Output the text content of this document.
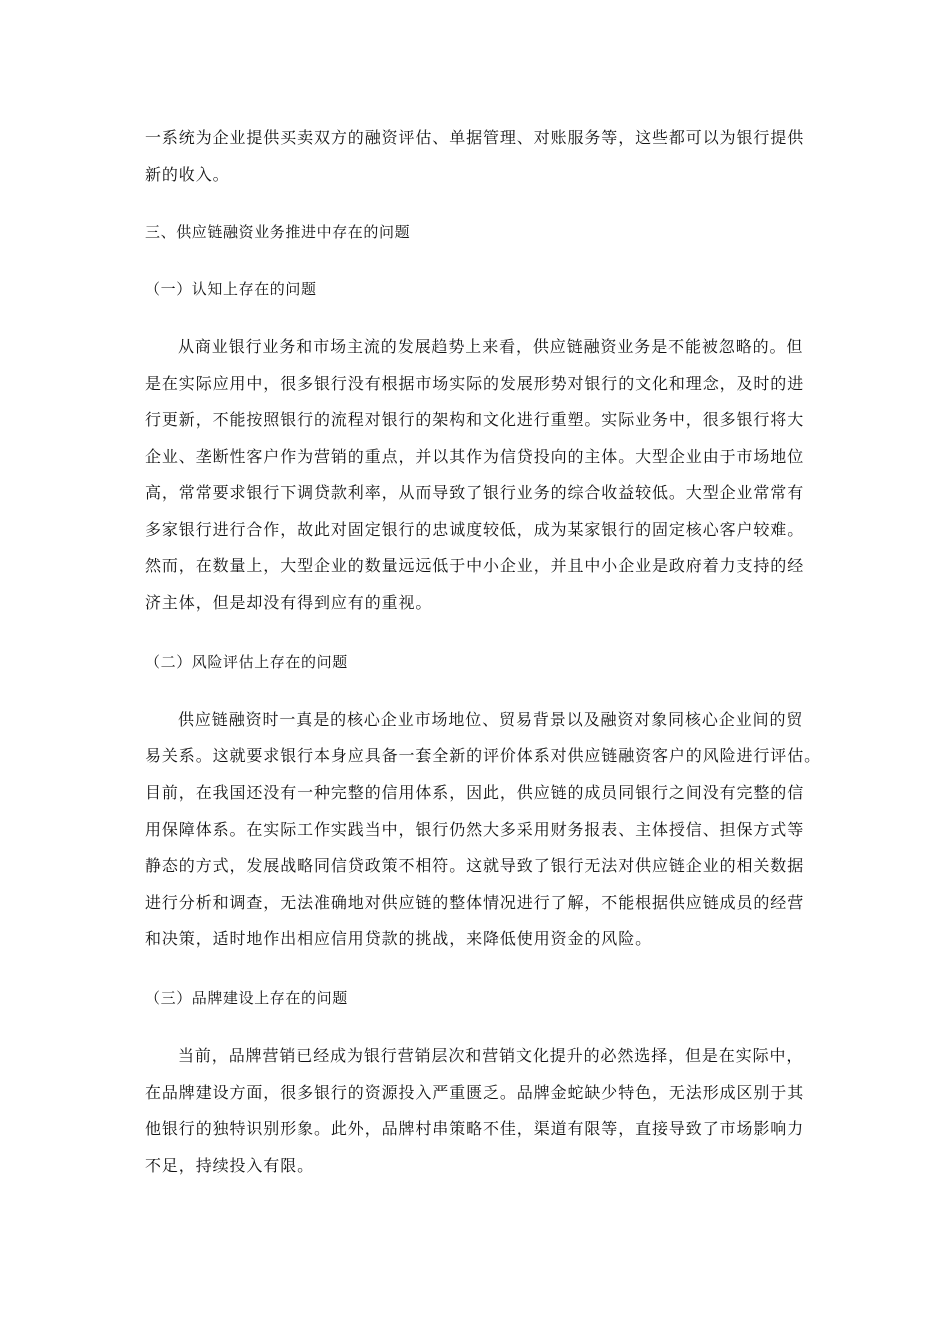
一系统为企业提供买卖双方的融资评估、单据管理、对账服务等，这些都可以为银行提供
新的收入。
三、供应链融资业务推进中存在的问题
（一）认知上存在的问题
从商业银行业务和市场主流的发展趋势上来看，供应链融资业务是不能被忽略的。但
是在实际应用中，很多银行没有根据市场实际的发展形势对银行的文化和理念，及时的进
行更新，不能按照银行的流程对银行的架构和文化进行重塑。实际业务中，很多银行将大
企业、垄断性客户作为营销的重点，并以其作为信贷投向的主体。大型企业由于市场地位
高，常常要求银行下调贷款利率，从而导致了银行业务的综合收益较低。大型企业常常有
多家银行进行合作，故此对固定银行的忠诚度较低，成为某家银行的固定核心客户较难。
然而，在数量上，大型企业的数量远远低于中小企业，并且中小企业是政府着力支持的经
济主体，但是却没有得到应有的重视。
（二）风险评估上存在的问题
供应链融资时一真是的核心企业市场地位、贸易背景以及融资对象同核心企业间的贸
易关系。这就要求银行本身应具备一套全新的评价体系对供应链融资客户的风险进行评估。
目前，在我国还没有一种完整的信用体系，因此，供应链的成员同银行之间没有完整的信
用保障体系。在实际工作实践当中，银行仍然大多采用财务报表、主体授信、担保方式等
静态的方式，发展战略同信贷政策不相符。这就导致了银行无法对供应链企业的相关数据
进行分析和调查，无法准确地对供应链的整体情况进行了解，不能根据供应链成员的经营
和决策，适时地作出相应信用贷款的挑战，来降低使用资金的风险。
（三）品牌建设上存在的问题
当前，品牌营销已经成为银行营销层次和营销文化提升的必然选择，但是在实际中，
在品牌建设方面，很多银行的资源投入严重匮乏。品牌金蛇缺少特色，无法形成区别于其
他银行的独特识别形象。此外，品牌村串策略不佳，渠道有限等，直接导致了市场影响力
不足，持续投入有限。
